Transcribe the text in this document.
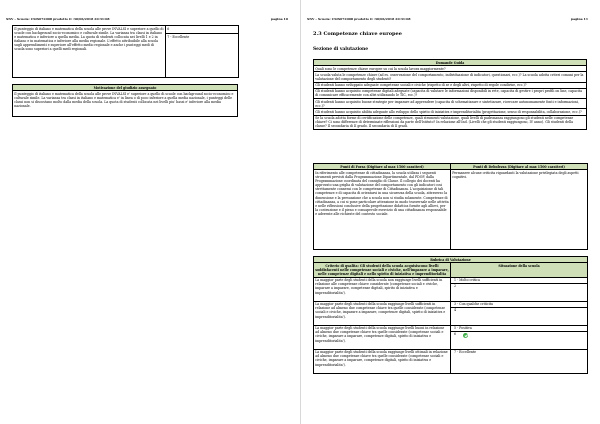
SNV - Scuola: CSIS072008 prodotto il :30/06/2018 20:31:08	pagina 10
Il punteggio di italiano e matematica della scuola alle prove INVALSI e superiore a quello di scuole con background socio-economico e culturale simile. La varianza tra classi in italiano e matematica e inferiore a quella media. La quota di studenti collocata nei livelli 1 e 2 in italiano e in matematica e inferiore alla media regionale. L'effetto attribuibile alla scuola sugli apprendimenti e superiore all'effetto medio regionale e anche i punteggi medi di scuola sono superiori a quelli medi regionali.	6
7 - Eccellente
Motivazione del giudizio assegnato
Il punteggio di italiano e matematica della scuola alle prove INVALSI e' superiore a quello di scuole con background socio-economico e culturale simile. La varianza tra classi in italiano e matematica e' in linea o di poco inferiore a quella media nazionale, i punteggi delle classi non si discostano molto dalla media della scuola. La quota di studenti collocata nei livelli piu' bassi e' inferiore alla media nazionale.
SNV - Scuola: CSIS072008 prodotto il :30/06/2018 20:31:08	pagina 11
2.3 Competenze chiave europee
Sezione di valutazione
Domande Guida
Quali sono le competenze chiave europee su cui la scuola lavora maggiormente?
La scuola valuta le competenze chiave (ad es. osservazione del comportamento, individuazione di indicatori, questionari, ecc.)? La scuola adotta criteri comuni per la valutazione del comportamento degli studenti?
Gli studenti hanno sviluppato adeguate competenze sociali e civiche (rispetto di se e degli altri, rispetto di regole condivise, ecc.)?
Gli studenti hanno acquisito competenze digitali adeguate (capacita di valutare le informazioni disponibili in rete, capacita di gestire i propri profili on line, capacita di comunicare efficacemente con altri utilizzando le TIC, ecc.)?
Gli studenti hanno acquisito buone strategie per imparare ad apprendere (capacita di schematizzare e sintetizzare, ricercare autonomamente fonti e informazioni, ecc.)?
Gli studenti hanno acquisito abilita adeguate allo sviluppo dello spirito di iniziativa e imprenditorialita (progettazione, senso di responsabilita, collaborazione, ecc.)?
Se la scuola adotta forme di certificazione delle competenze, quali strumenti valutazione, quali livelli di padronanza raggiungono gli studenti nelle competenze chiave? Ci sono differenze di determinate riflessioni da parte dell'Istituto? In relazione all'Ind. (Livelli che gli studenti raggiungono, IV anno). Gli studenti della classe? Il secondaria di II grado. Il secondaria di II gradi.
Punti di Forza (Digitare al max 1500 caratteri)	Punti di Debolezza (Digitare al max 1500 caratteri)
In riferimento alle competenze di cittadinanza, la scuola utilizza i seguenti strumenti previsti dalla Programmazione Dipartimentale, dal PDOF, dalla Programmazione coordinata del consiglio di Classe. Il collegio dei docenti ha approvato una griglia di valutazione del comportamento con gli indicatori cosi strettamente connessi con le competenze di Cittadinanza. L'acquisizione di tali competenze e di capacita di orientarsi in una sicurezza della scuola, attraverso la dimensione e la persuasione che a scuola non si studia solamente. Competenze di cittadinanza, a cui si pone particolare attenzione in modo trasversale nelle attivita e nelle riflessioni conclusive della progettazione didattica fornite agli allievi, per la costruzione e il pieno e consapevole esercizio di una cittadinanza responsabile e aderente alle richieste del contesto sociale.	Permanere alcune criticita riguardanti la valutazione privilegiata degli aspetti cognitivi.
Rubrica di Valutazione	
Criterio di qualita: Gli studenti della scuola acquisiscono livelli soddisfacenti nelle competenze sociali e civiche, nell'imparare a imparare, nelle competenze digitali e nello spirito di iniziativa e imprenditorialita	Situazione della scuola
La maggior parte degli studenti della scuola non raggiunge livelli sufficienti in relazione alle competenze chiave considerate (competenze sociali e civiche, imparare a imparare, competenze digitali, spirito di iniziativa e imprenditorialita').	1 - Molto critica
2

La maggior parte degli studenti della scuola raggiunge livelli sufficienti in relazione ad almeno due competenze chiave tra quelle considerate (competenze sociali e civiche, imparare a imparare, competenze digitali, spirito di iniziativa e imprenditorialita').	3 - Con qualche criticita
4

La maggior parte degli studenti della scuola raggiunge livelli buoni in relazione ad almeno due competenze chiave tra quelle considerate (competenze sociali e civiche, imparare a imparare, competenze digitali, spirito di iniziativa e imprenditorialita').	5 - Positiva
6

La maggior parte degli studenti della scuola raggiunge livelli ottimali in relazione ad almeno due competenze chiave tra quelle considerate (competenze sociali e civiche, imparare a imparare, competenze digitali, spirito di iniziativa e imprenditorialita').	7 - Eccellente
